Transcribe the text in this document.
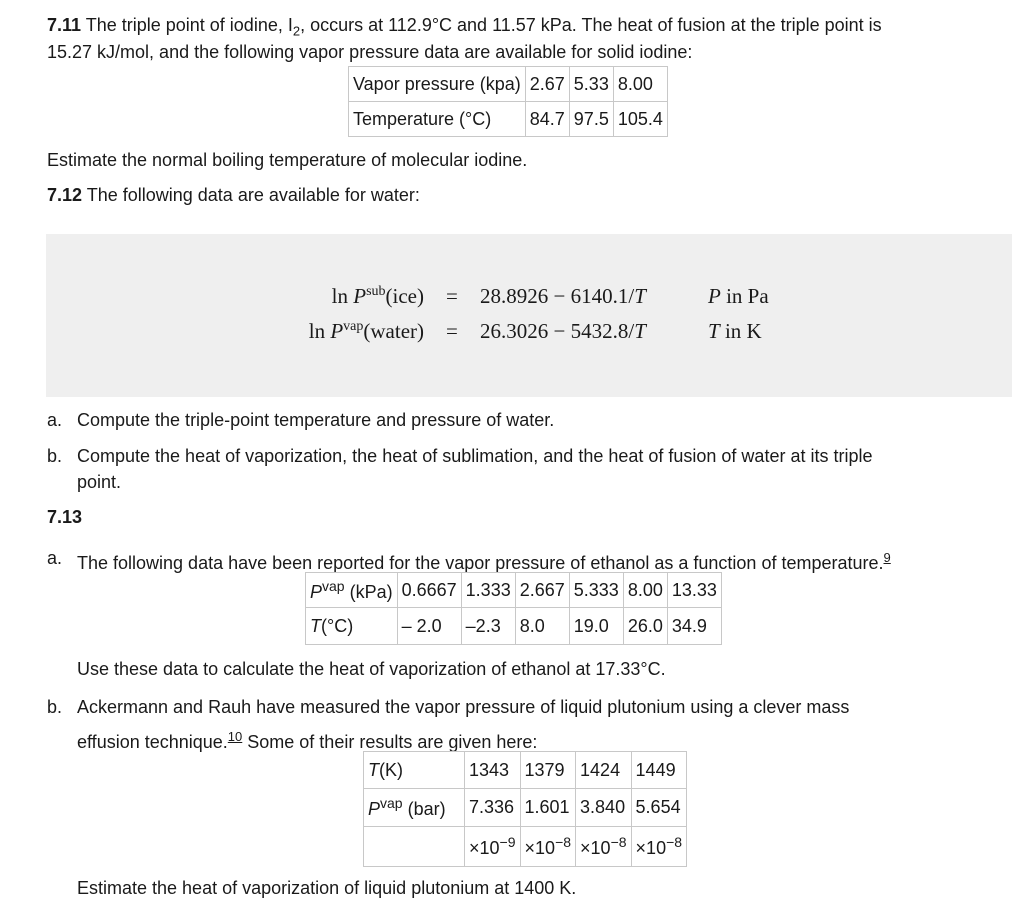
7.11 The triple point of iodine, $I_2$, occurs at 112.9°C and 11.57 kPa. The heat of fusion at the triple point is
15.27 kJ/mol, and the following vapor pressure data are available for solid iodine:
Vapor pressure (kpa)	2.67	5.33	8.00
Temperature (°C)	84.7	97.5	105.4
Estimate the normal boiling temperature of molecular iodine.
7.12 The following data are available for water:
$\ln P^{sub}(ice) = 28.8926 - 6140.1/T$	P in Pa
$\ln P^{vap}(water) = 26.3026 - 5432.8/T$	T in K
a. Compute the triple-point temperature and pressure of water.
b. Compute the heat of vaporization, the heat of sublimation, and the heat of fusion of water at its triple
point.
7.13
a. The following data have been reported for the vapor pressure of ethanol as a function of temperature.$^9$
$P^{vap}$ (kPa)	0.6667	1.333	2.667	5.333	8.00	13.33
T(°C)	– 2.0	–2.3	8.0	19.0	26.0	34.9
Use these data to calculate the heat of vaporization of ethanol at 17.33°C.
b. Ackermann and Rauh have measured the vapor pressure of liquid plutonium using a clever mass
effusion technique.$^{10}$ Some of their results are given here:
T(K)	1343	1379	1424	1449
$P^{vap}$ (bar)	7.336	1.601	3.840	5.654
	$\times 10^{-9}$	$\times 10^{-8}$	$\times 10^{-8}$	$\times 10^{-8}$
Estimate the heat of vaporization of liquid plutonium at 1400 K.
